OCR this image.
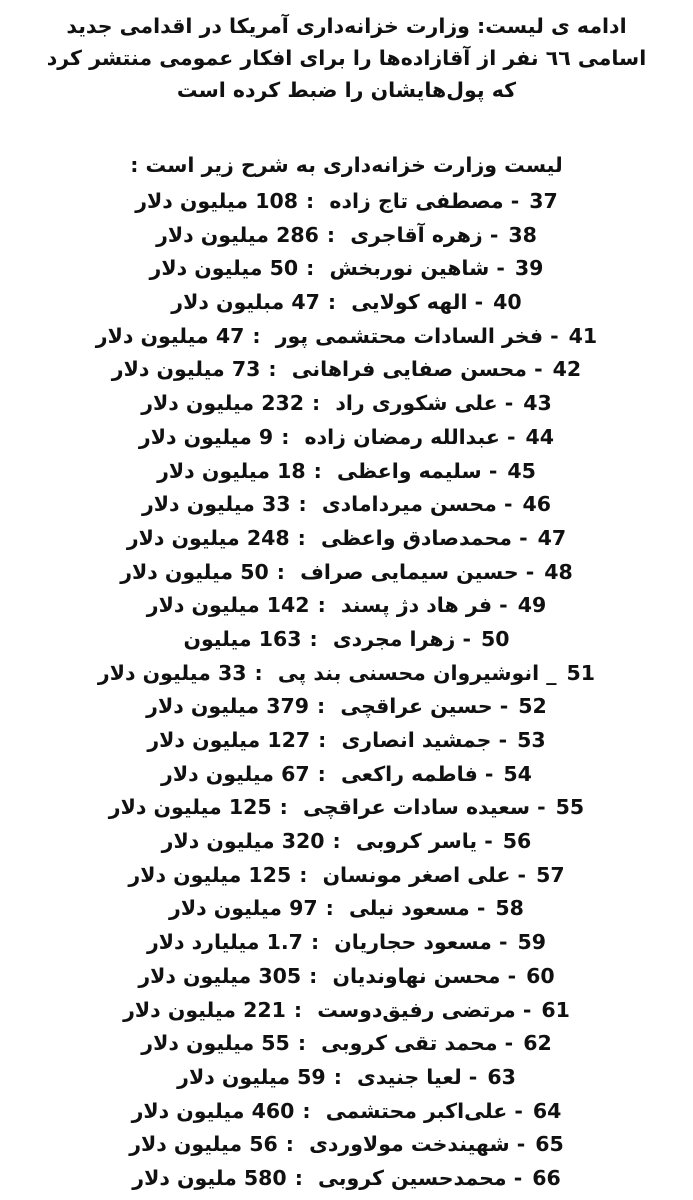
ادامه ی لیست: وزارت خزانه‌داری آمریکا در اقدامی جدید

اسامی ٦٦ نفر از آقازاده‌ها را برای افکار عمومی منتشر کرد

که پول‌هایشان را ضبط کرده است

لیست وزارت خزانه‌داری به شرح زیر است :
37- مصطفی تاج زاده :108 میلیون دلار
38- زهره آقاجری :286 میلیون دلار
39- شاهین نوربخش :50 میلیون دلار
40- الهه کولایی :47 مبلیون دلار
41- فخر السادات محتشمی پور :47 میلیون دلار
42- محسن صفایی فراهانی :73 میلیون دلار
43- علی شکوری راد :232 میلیون دلار
44- عبدالله رمضان زاده :9 میلیون دلار
45- سلیمه واعظی :18 میلیون دلار
46- محسن میردامادی :33 میلیون دلار
47- محمدصادق واعظی :248 میلیون دلار
48- حسین سیمایی صراف :50 میلیون دلار
49- فر هاد دژ پسند :142 میلیون دلار
50- زهرا مجردی :163 میلیون
51_ انوشیروان محسنی بند پی :33 میلیون دلار
52- حسین عراقچی :379 میلیون دلار
53- جمشید انصاری :127 میلیون دلار
54- فاطمه راکعی :67 میلیون دلار
55- سعیده سادات عراقچی :125 میلیون دلار
56- یاسر کروبی :320 میلیون دلار
57- علی اصغر مونسان :125 میلیون دلار
58- مسعود نیلی :97 میلیون دلار
59- مسعود حجاریان :1.7 میلیارد دلار
60- محسن نهاوندیان :305 میلیون دلار
61- مرتضی رفیق‌دوست :221 میلیون دلار
62- محمد تقی کروبی :55 میلیون دلار
63- لعیا جنیدی :59 میلیون دلار
64- علی‌اکبر محتشمی :460 میلیون دلار
65- شهیندخت مولاوردی :56 میلیون دلار
66- محمدحسین کروبی :580 ملیون دلار
